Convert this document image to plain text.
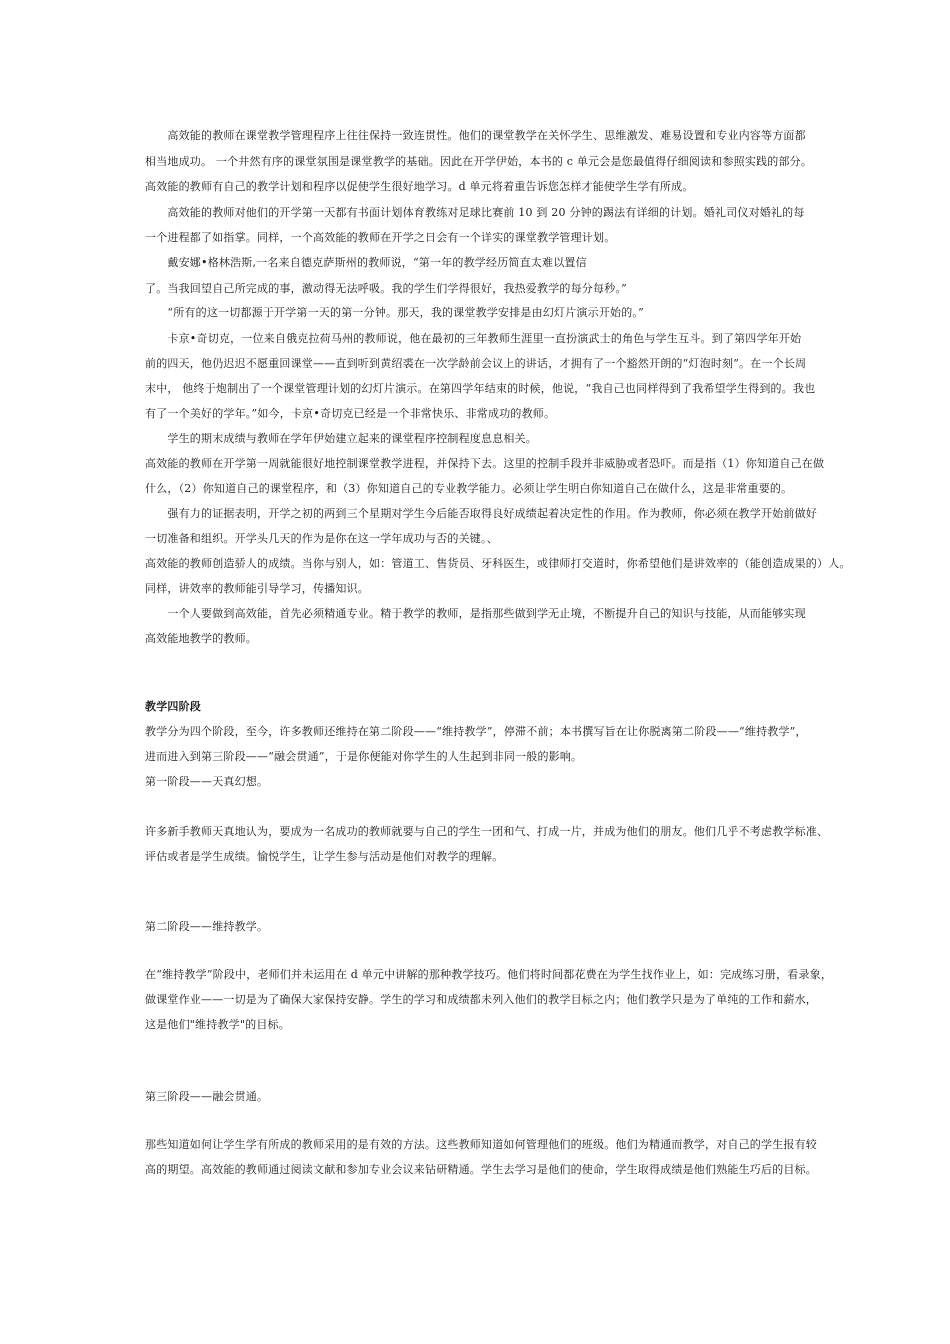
　　高效能的教师在课堂教学管理程序上往往保持一致连贯性。他们的课堂教学在关怀学生、思维激发、难易设置和专业内容等方面都
相当地成功。 一个井然有序的课堂氛围是课堂教学的基础。因此在开学伊始，本书的 c 单元会是您最值得仔细阅读和参照实践的部分。
高效能的教师有自己的教学计划和程序以促使学生很好地学习。d 单元将着重告诉您怎样才能使学生学有所成。
　　高效能的教师对他们的开学第一天都有书面计划体育教练对足球比赛前 10 到 20 分钟的踢法有详细的计划。婚礼司仪对婚礼的每
一个进程都了如指掌。同样，一个高效能的教师在开学之日会有一个详实的课堂教学管理计划。
　　戴安娜•格林浩斯,一名来自德克萨斯州的教师说，“第一年的教学经历简直太难以置信
了。当我回望自己所完成的事，激动得无法呼吸。我的学生们学得很好，我热爱教学的每分每秒。”
　　“所有的这一切都源于开学第一天的第一分钟。那天，我的课堂教学安排是由幻灯片演示开始的。”
　　卡京•奇切克，一位来自俄克拉荷马州的教师说，他在最初的三年教师生涯里一直扮演武士的角色与学生互斗。到了第四学年开始
前的四天，他仍迟迟不愿重回课堂——直到听到黄绍裘在一次学龄前会议上的讲话，才拥有了一个豁然开朗的“灯泡时刻”。在一个长周
末中， 他终于炮制出了一个课堂管理计划的幻灯片演示。在第四学年结束的时候，他说，“我自己也同样得到了我希望学生得到的。我也
有了一个美好的学年。”如今，卡京•奇切克已经是一个非常快乐、非常成功的教师。
　　学生的期末成绩与教师在学年伊始建立起来的课堂程序控制程度息息相关。
高效能的教师在开学第一周就能很好地控制课堂教学进程，并保持下去。这里的控制手段并非威胁或者恐吓。而是指（1）你知道自己在做
什么，（2）你知道自己的课堂程序，和（3）你知道自己的专业教学能力。必须让学生明白你知道自己在做什么，这是非常重要的。
　　强有力的证据表明，开学之初的两到三个星期对学生今后能否取得良好成绩起着决定性的作用。作为教师，你必须在教学开始前做好
一切准备和组织。开学头几天的作为是你在这一学年成功与否的关键。、
高效能的教师创造骄人的成绩。当你与别人，如：管道工、售货员、牙科医生，或律师打交道时，你希望他们是讲效率的（能创造成果的）人。
同样，讲效率的教师能引导学习，传播知识。
　　一个人要做到高效能，首先必须精通专业。精于教学的教师，是指那些做到学无止境，不断提升自己的知识与技能，从而能够实现
高效能地教学的教师。
教学四阶段
教学分为四个阶段，至今，许多教师还维持在第二阶段——“维持教学”，停滞不前；本书撰写旨在让你脱离第二阶段——“维持教学”，
进而进入到第三阶段——“融会贯通”，于是你便能对你学生的人生起到非同一般的影响。
第一阶段——天真幻想。
许多新手教师天真地认为，要成为一名成功的教师就要与自己的学生一团和气、打成一片，并成为他们的朋友。他们几乎不考虑教学标准、
评估或者是学生成绩。愉悦学生，让学生参与活动是他们对教学的理解。
第二阶段——维持教学。
在“维持教学”阶段中，老师们并未运用在 d 单元中讲解的那种教学技巧。他们将时间都花费在为学生找作业上，如：完成练习册，看录象，
做课堂作业——一切是为了确保大家保持安静。学生的学习和成绩都未列入他们的教学目标之内；他们教学只是为了单纯的工作和薪水，
这是他们"维持教学"的目标。
第三阶段——融会贯通。
那些知道如何让学生学有所成的教师采用的是有效的方法。这些教师知道如何管理他们的班级。他们为精通而教学，对自己的学生报有较
高的期望。高效能的教师通过阅读文献和参加专业会议来钻研精通。学生去学习是他们的使命，学生取得成绩是他们熟能生巧后的目标。
